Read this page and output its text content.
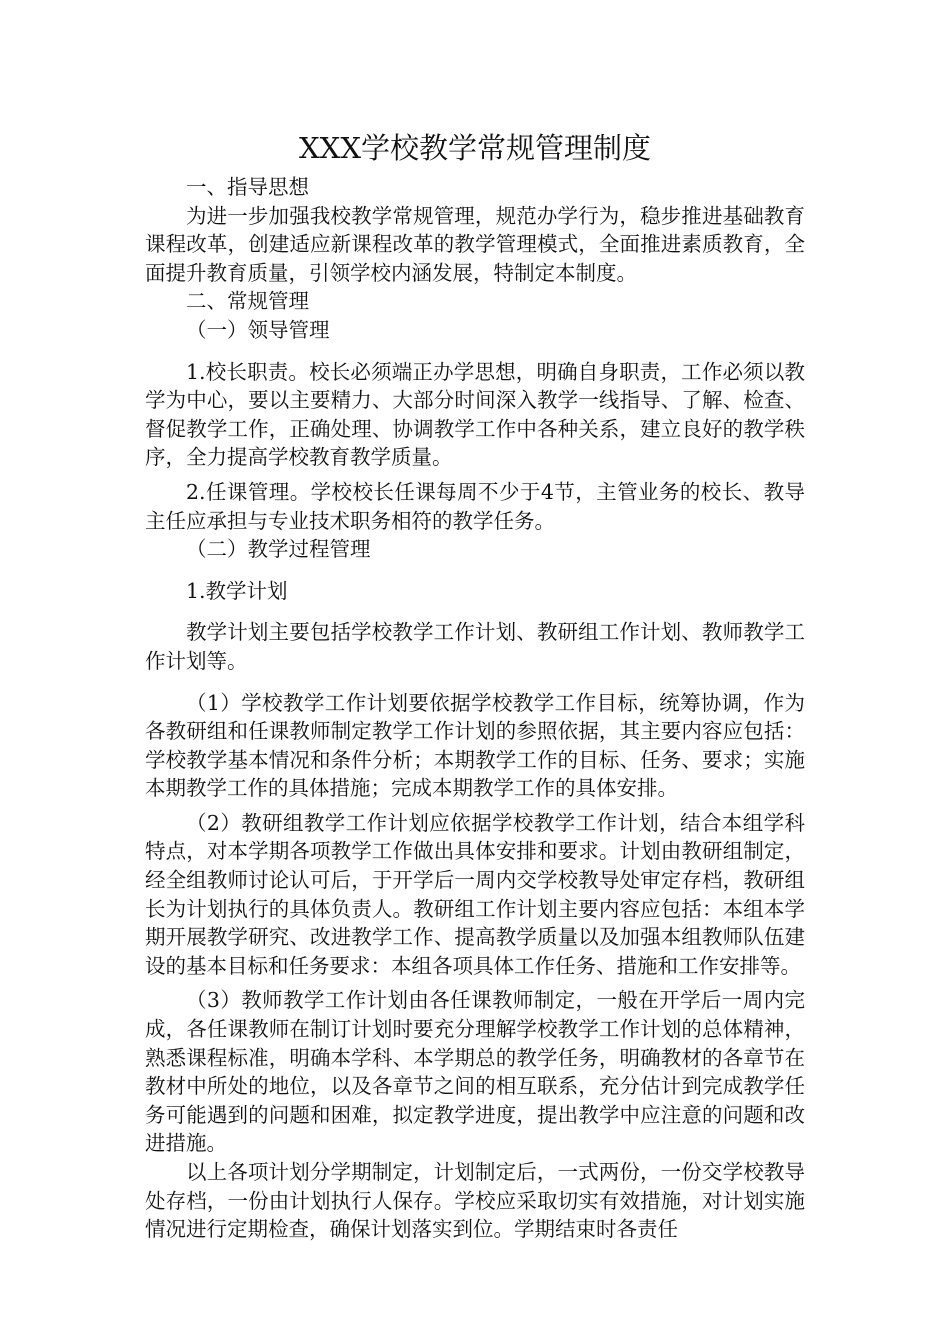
XXX学校教学常规管理制度

一、指导思想

为进一步加强我校教学常规管理，规范办学行为，稳步推进基础教育课程改革，创建适应新课程改革的教学管理模式，全面推进素质教育，全面提升教育质量，引领学校内涵发展，特制定本制度。

二、常规管理

（一）领导管理

1.校长职责。校长必须端正办学思想，明确自身职责，工作必须以教学为中心，要以主要精力、大部分时间深入教学一线指导、了解、检查、督促教学工作，正确处理、协调教学工作中各种关系，建立良好的教学秩序，全力提高学校教育教学质量。

2.任课管理。学校校长任课每周不少于4节，主管业务的校长、教导主任应承担与专业技术职务相符的教学任务。

（二）教学过程管理

1.教学计划

教学计划主要包括学校教学工作计划、教研组工作计划、教师教学工作计划等。

（1）学校教学工作计划要依据学校教学工作目标，统筹协调，作为各教研组和任课教师制定教学工作计划的参照依据，其主要内容应包括：学校教学基本情况和条件分析；本期教学工作的目标、任务、要求；实施本期教学工作的具体措施；完成本期教学工作的具体安排。

（2）教研组教学工作计划应依据学校教学工作计划，结合本组学科特点，对本学期各项教学工作做出具体安排和要求。计划由教研组制定，经全组教师讨论认可后，于开学后一周内交学校教导处审定存档，教研组长为计划执行的具体负责人。教研组工作计划主要内容应包括：本组本学期开展教学研究、改进教学工作、提高教学质量以及加强本组教师队伍建设的基本目标和任务要求：本组各项具体工作任务、措施和工作安排等。

（3）教师教学工作计划由各任课教师制定，一般在开学后一周内完成，各任课教师在制订计划时要充分理解学校教学工作计划的总体精神，熟悉课程标准，明确本学科、本学期总的教学任务，明确教材的各章节在教材中所处的地位，以及各章节之间的相互联系，充分估计到完成教学任务可能遇到的问题和困难，拟定教学进度，提出教学中应注意的问题和改进措施。

以上各项计划分学期制定，计划制定后，一式两份，一份交学校教导处存档，一份由计划执行人保存。学校应采取切实有效措施，对计划实施情况进行定期检查，确保计划落实到位。学期结束时各责任
